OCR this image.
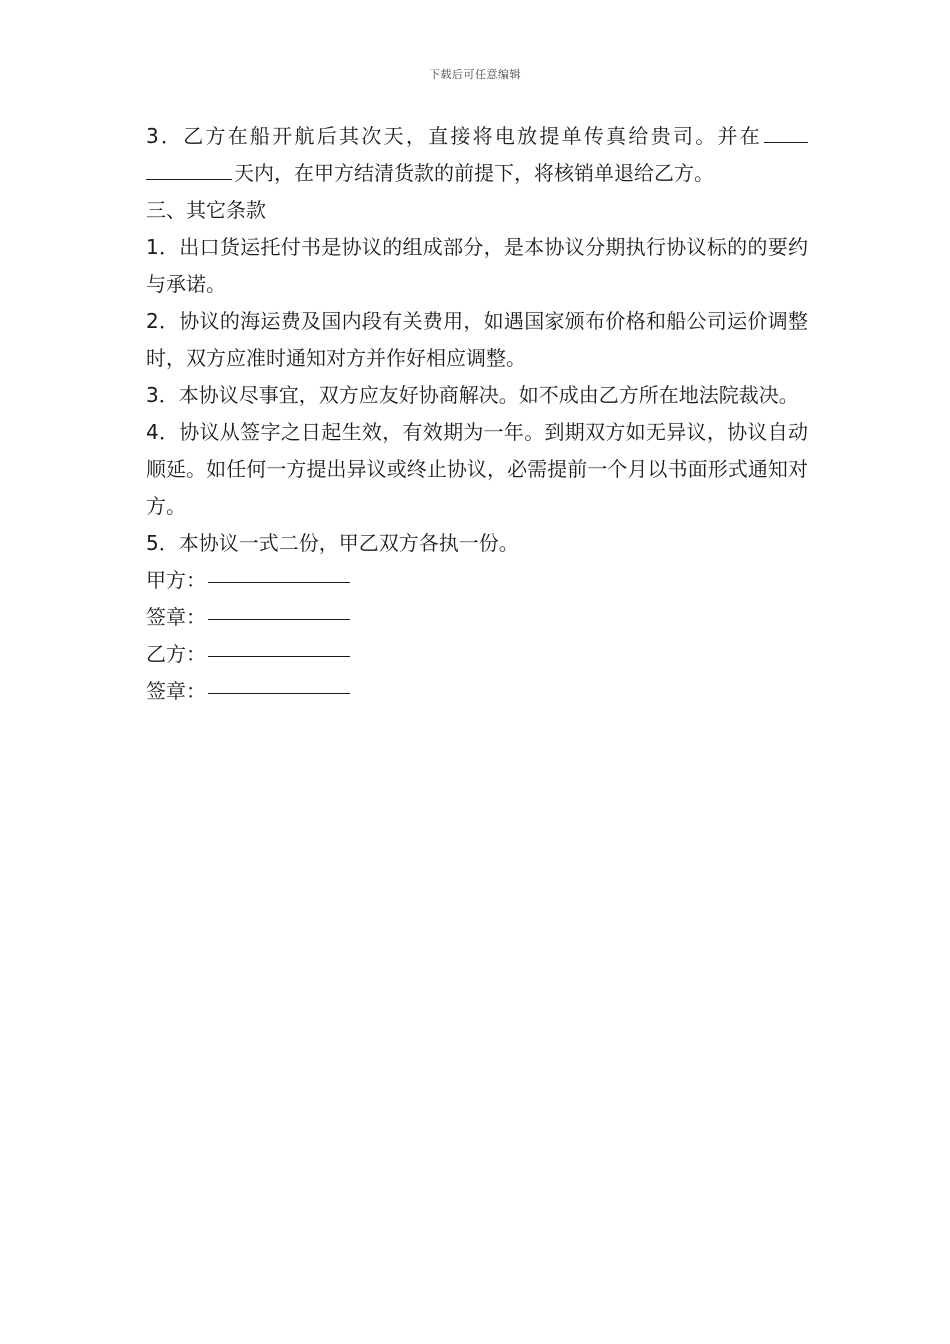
下载后可任意编辑

3．乙方在船开航后其次天，直接将电放提单传真给贵司。并在天内，在甲方结清货款的前提下，将核销单退给乙方。

三、其它条款

1．出口货运托付书是协议的组成部分，是本协议分期执行协议标的的要约与承诺。

2．协议的海运费及国内段有关费用，如遇国家颁布价格和船公司运价调整时，双方应准时通知对方并作好相应调整。

3．本协议尽事宜，双方应友好协商解决。如不成由乙方所在地法院裁决。

4．协议从签字之日起生效，有效期为一年。到期双方如无异议，协议自动顺延。如任何一方提出异议或终止协议，必需提前一个月以书面形式通知对方。

5．本协议一式二份，甲乙双方各执一份。

甲方：
签章：
乙方：
签章：
